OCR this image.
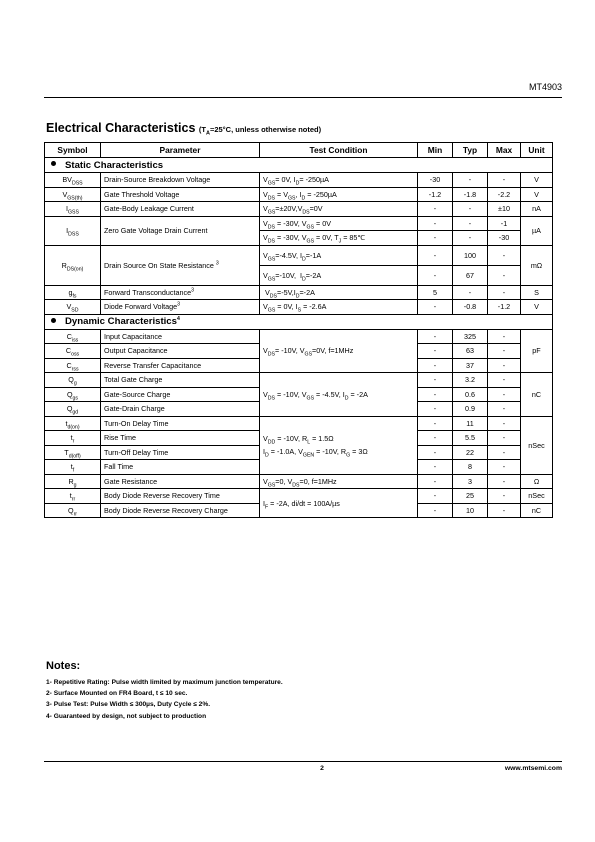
MT4903
Electrical Characteristics ($T_A=25^\circ C$, unless otherwise noted)
Symbol	Parameter	Test Condition	Min	Typ	Max	Unit
Static Characteristics						
$BV_{DSS}$	Drain-Source Breakdown Voltage	$V_{GS}= 0V$, $I_D= -250\mu A$	-30	-	-	V
$V_{GS(th)}$	Gate Threshold Voltage	$V_{DS} = V_{GS}$, $I_D = -250\mu A$	-1.2	-1.8	-2.2	V
$I_{GSS}$	Gate-Body Leakage Current	$V_{GS}=\pm 20V,V_{DS}=0V$	-	-	±10	nA
$I_{DSS}$	Zero Gate Voltage Drain Current	$V_{DS} = -30V$, $V_{GS} = 0V$	-	-	-1	µA
		$V_{DS} = -30V$, $V_{GS} = 0V$, $T_J$ = 85℃	-	-	-30	
$R_{DS(on)}$	Drain Source On State Resistance $^3$	$V_{GS}=-4.5V$, $I_D=-1A$	-	100	-	mΩ
		$V_{GS}=-10V$,  $I_D=-2A$	-	67	-	
$g_{fs}$	Forward Transconductance$^3$	$V_{DS}=-5V,I_D=-2A$	5	-	-	S
$V_{SD}$	Diode Forward Voltage$^3$	$V_{GS} = 0V$, $I_S = -2.6A$	-	-0.8	-1.2	V
Dynamic Characteristics$^4$
$C_{iss}$	Input Capacitance	$V_{DS}= -10V$, $V_{GS}=0V$, f=1MHz	-	325	-	pF
$C_{oss}$	Output Capacitance		-	63	-	
$C_{rss}$	Reverse Transfer Capacitance		-	37	-	
$Q_g$	Total Gate Charge	$V_{DS} = -10V$, $V_{GS} = -4.5V$, $I_D = -2A$	-	3.2	-	nC
$Q_{gs}$	Gate-Source Charge		-	0.6	-	
$Q_{gd}$	Gate-Drain Charge		-	0.9	-	
$t_{d(on)}$	Turn-On Delay Time	$V_{DD} = -10V$, $R_L = 1.5\Omega$
$I_D = -1.0A$, $V_{GEN} = -10V$, $R_G = 3\Omega$	-	11	-	nSec
$t_r$	Rise Time		-	5.5	-	
$T_{d(off)}$	Turn-Off Delay Time		-	22	-	
$t_f$	Fall Time		-	8	-	
$R_g$	Gate Resistance	$V_{GS}=0$, $V_{DS}=0$, f=1MHz	-	3	-	Ω
$t_{rr}$	Body Diode Reverse Recovery Time	$I_F = -2A$, di/dt = 100A/µs	-	25	-	nSec
$Q_{rr}$	Body Diode Reverse Recovery Charge		-	10	-	nC
Notes:
1- Repetitive Rating: Pulse width limited by maximum junction temperature.
2- Surface Mounted on FR4 Board, t ≤ 10 sec.
3- Pulse Test: Pulse Width ≤ 300µs, Duty Cycle ≤ 2%.
4- Guaranteed by design, not subject to production
2	www.mtsemi.com
